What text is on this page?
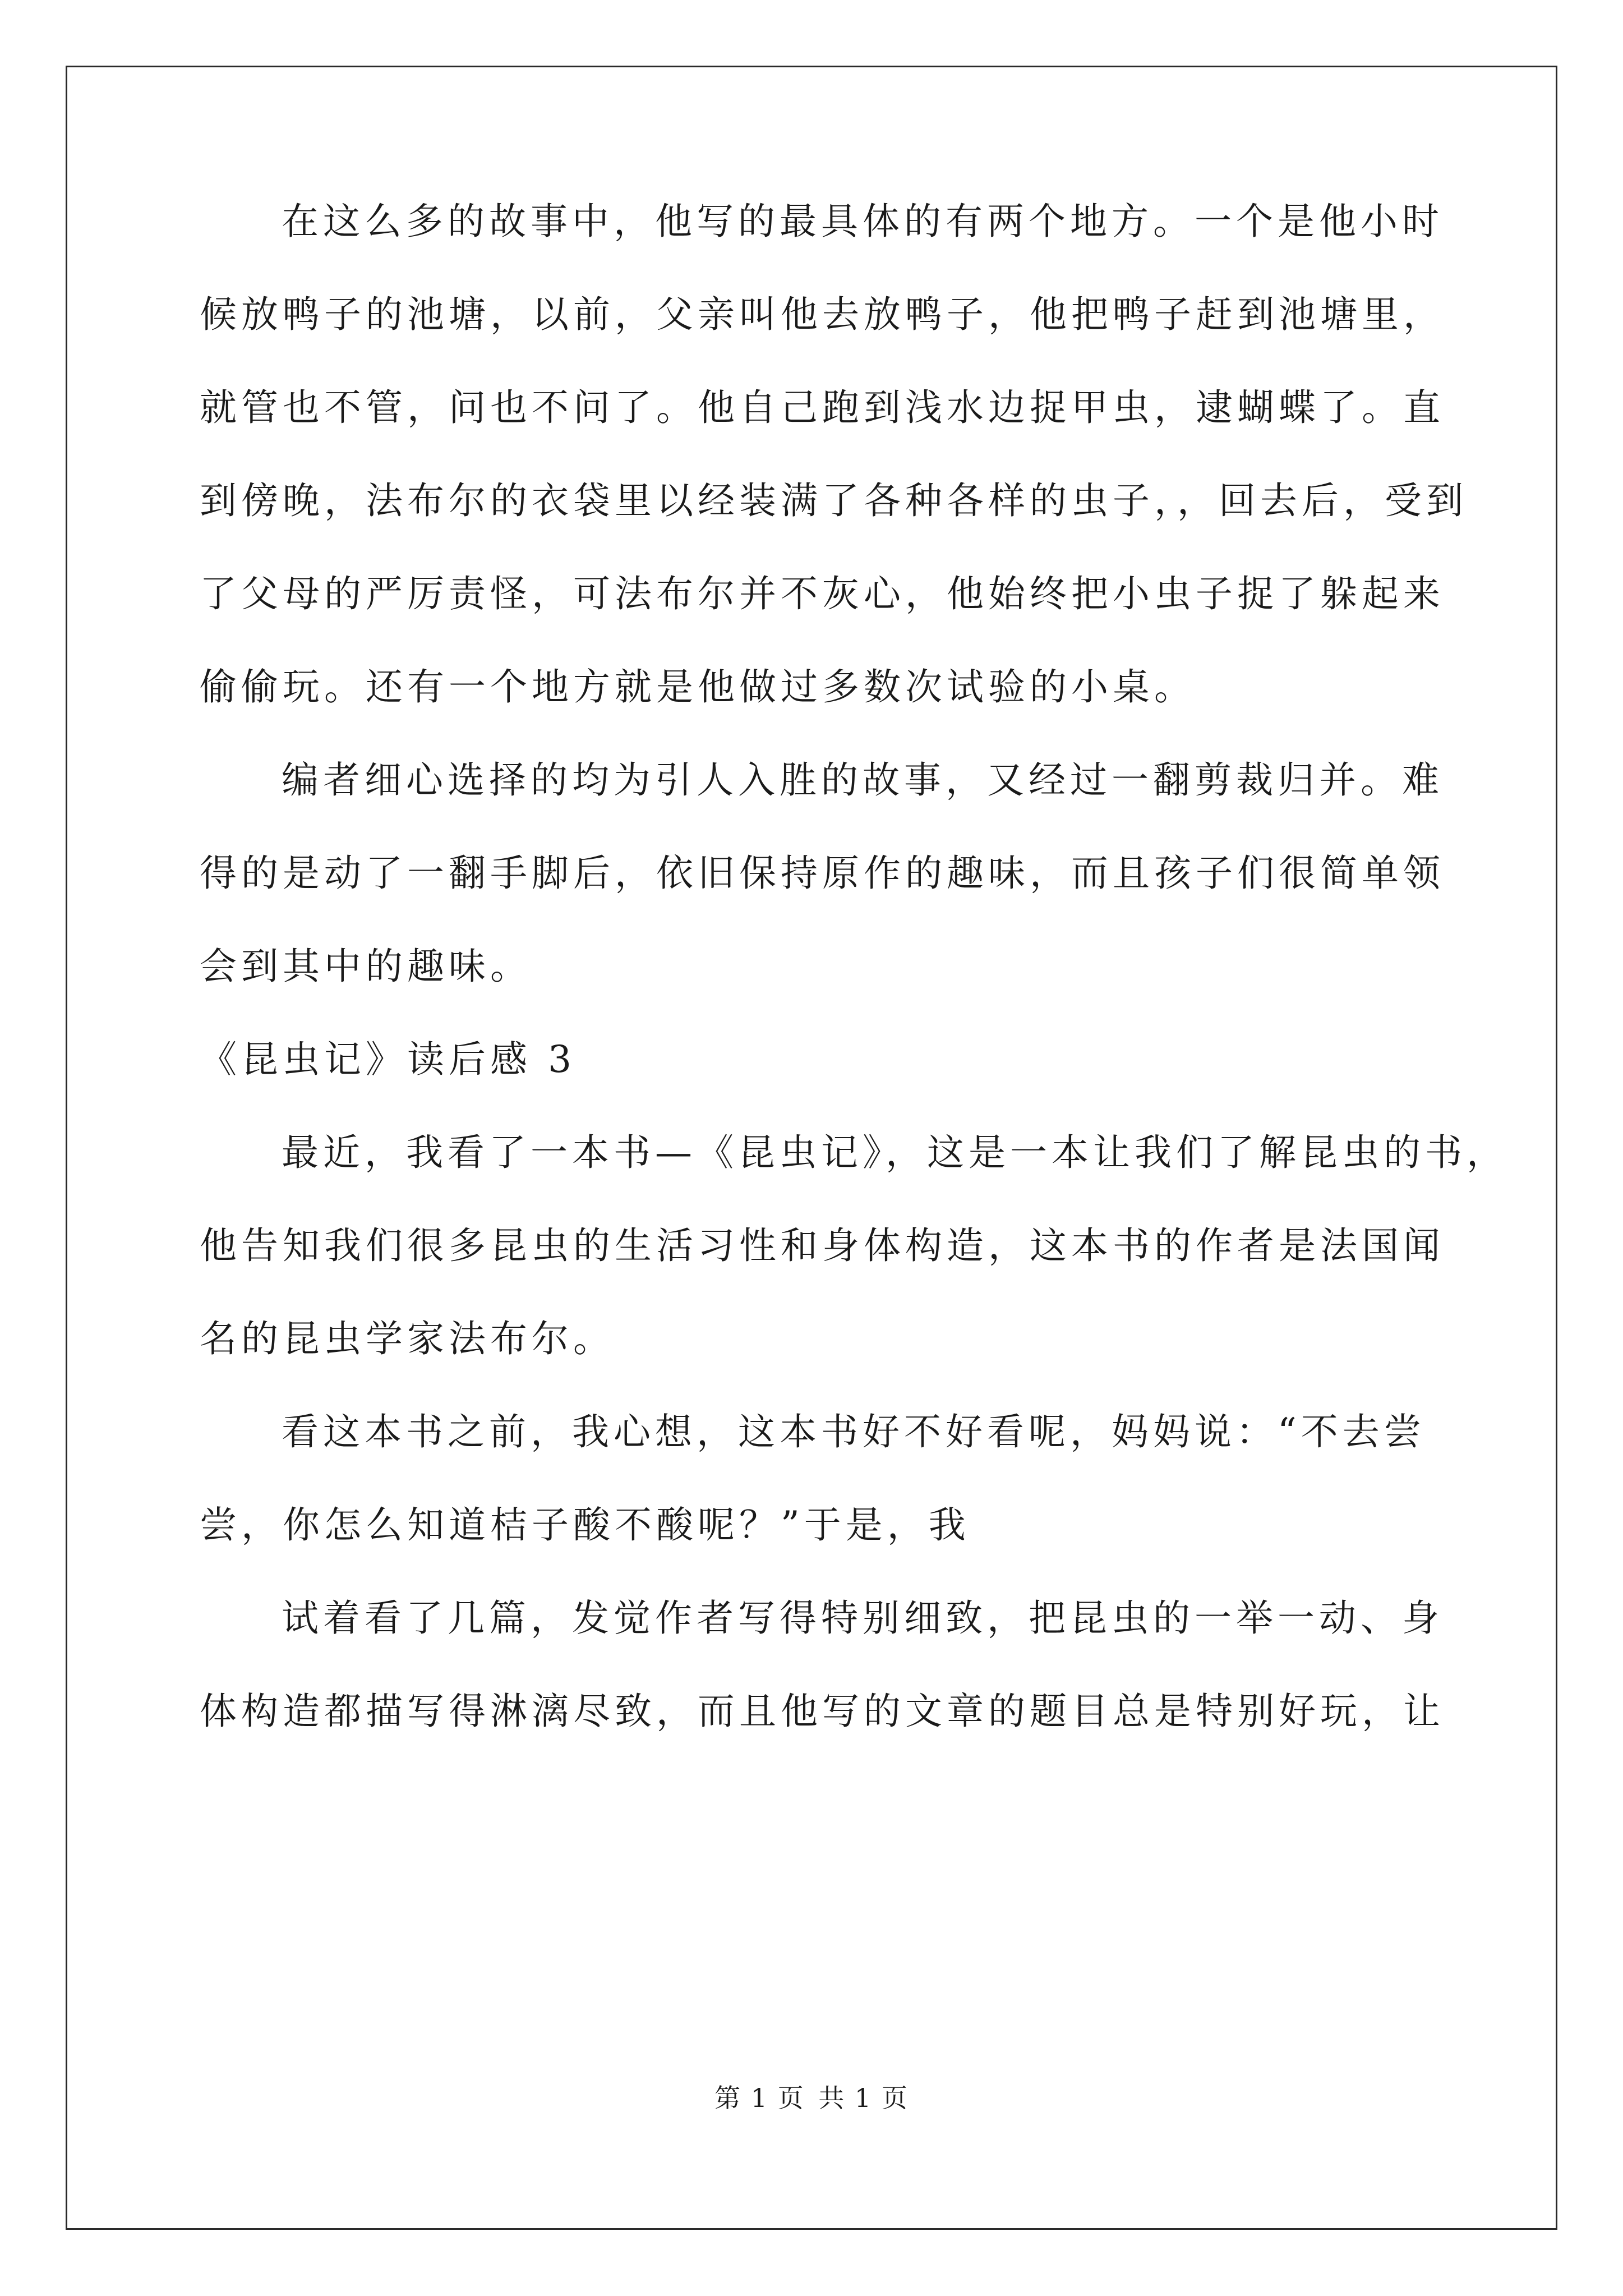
在这么多的故事中，他写的最具体的有两个地方。一个是他小时
候放鸭子的池塘，以前，父亲叫他去放鸭子，他把鸭子赶到池塘里，
就管也不管，问也不问了。他自己跑到浅水边捉甲虫，逮蝴蝶了。直
到傍晚，法布尔的衣袋里以经装满了各种各样的虫子，，回去后，受到
了父母的严厉责怪，可法布尔并不灰心，他始终把小虫子捉了躲起来
偷偷玩。还有一个地方就是他做过多数次试验的小桌。
编者细心选择的均为引人入胜的故事，又经过一翻剪裁归并。难
得的是动了一翻手脚后，依旧保持原作的趣味，而且孩子们很简单领
会到其中的趣味。
《昆虫记》读后感 3
最近，我看了一本书—《昆虫记》，这是一本让我们了解昆虫的书，
他告知我们很多昆虫的生活习性和身体构造，这本书的作者是法国闻
名的昆虫学家法布尔。
看这本书之前，我心想，这本书好不好看呢，妈妈说：“不去尝
尝，你怎么知道桔子酸不酸呢？”于是，我
试着看了几篇，发觉作者写得特别细致，把昆虫的一举一动、身
体构造都描写得淋漓尽致，而且他写的文章的题目总是特别好玩，让
第 1 页 共 1 页
